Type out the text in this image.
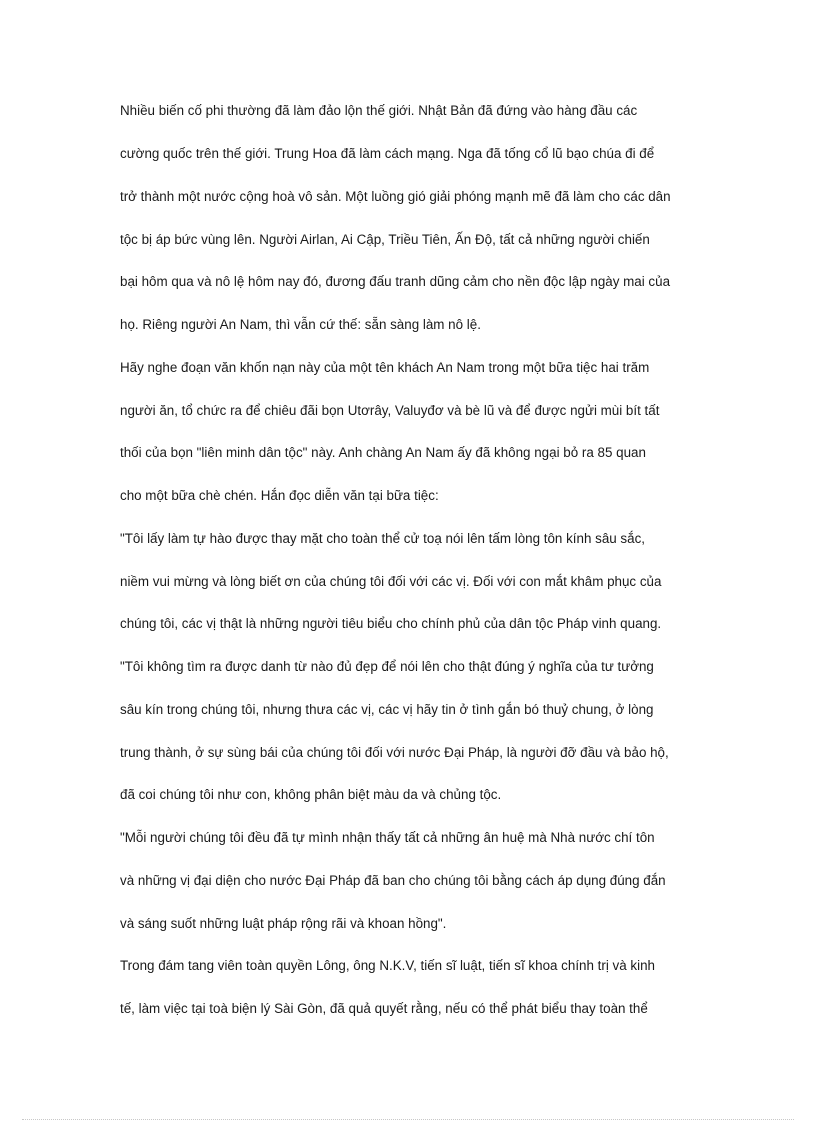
Nhiều biến cố phi thường đã làm đảo lộn thế giới. Nhật Bản đã đứng vào hàng đầu các
cường quốc trên thế giới. Trung Hoa đã làm cách mạng. Nga đã tống cổ lũ bạo chúa đi để
trở thành một nước cộng hoà vô sản. Một luồng gió giải phóng mạnh mẽ đã làm cho các dân
tộc bị áp bức vùng lên. Người Airlan, Ai Cập, Triều Tiên, Ấn Độ, tất cả những người chiến
bại hôm qua và nô lệ hôm nay đó, đương đấu tranh dũng cảm cho nền độc lập ngày mai của
họ. Riêng người An Nam, thì vẫn cứ thế: sẵn sàng làm nô lệ.
Hãy nghe đoạn văn khốn nạn này của một tên khách An Nam trong một bữa tiệc hai trăm
người ăn, tổ chức ra để chiêu đãi bọn Utơrây, Valuyđơ và bè lũ và để được ngửi mùi bít tất
thối của bọn "liên minh dân tộc" này. Anh chàng An Nam ấy đã không ngại bỏ ra 85 quan
cho một bữa chè chén. Hắn đọc diễn văn tại bữa tiệc:
"Tôi lấy làm tự hào được thay mặt cho toàn thể cử toạ nói lên tấm lòng tôn kính sâu sắc,
niềm vui mừng và lòng biết ơn của chúng tôi đối với các vị. Đối với con mắt khâm phục của
chúng tôi, các vị thật là những người tiêu biểu cho chính phủ của dân tộc Pháp vinh quang.
"Tôi không tìm ra được danh từ nào đủ đẹp để nói lên cho thật đúng ý nghĩa của tư tưởng
sâu kín trong chúng tôi, nhưng thưa các vị, các vị hãy tin ở tình gắn bó thuỷ chung, ở lòng
trung thành, ở sự sùng bái của chúng tôi đối với nước Đại Pháp, là người đỡ đầu và bảo hộ,
đã coi chúng tôi như con, không phân biệt màu da và chủng tộc.
"Mỗi người chúng tôi đều đã tự mình nhận thấy tất cả những ân huệ mà Nhà nước chí tôn
và những vị đại diện cho nước Đại Pháp đã ban cho chúng tôi bằng cách áp dụng đúng đắn
và sáng suốt những luật pháp rộng rãi và khoan hồng".
Trong đám tang viên toàn quyền Lông, ông N.K.V, tiến sĩ luật, tiến sĩ khoa chính trị và kinh
tế, làm việc tại toà biện lý Sài Gòn, đã quả quyết rằng, nếu có thể phát biểu thay toàn thể
